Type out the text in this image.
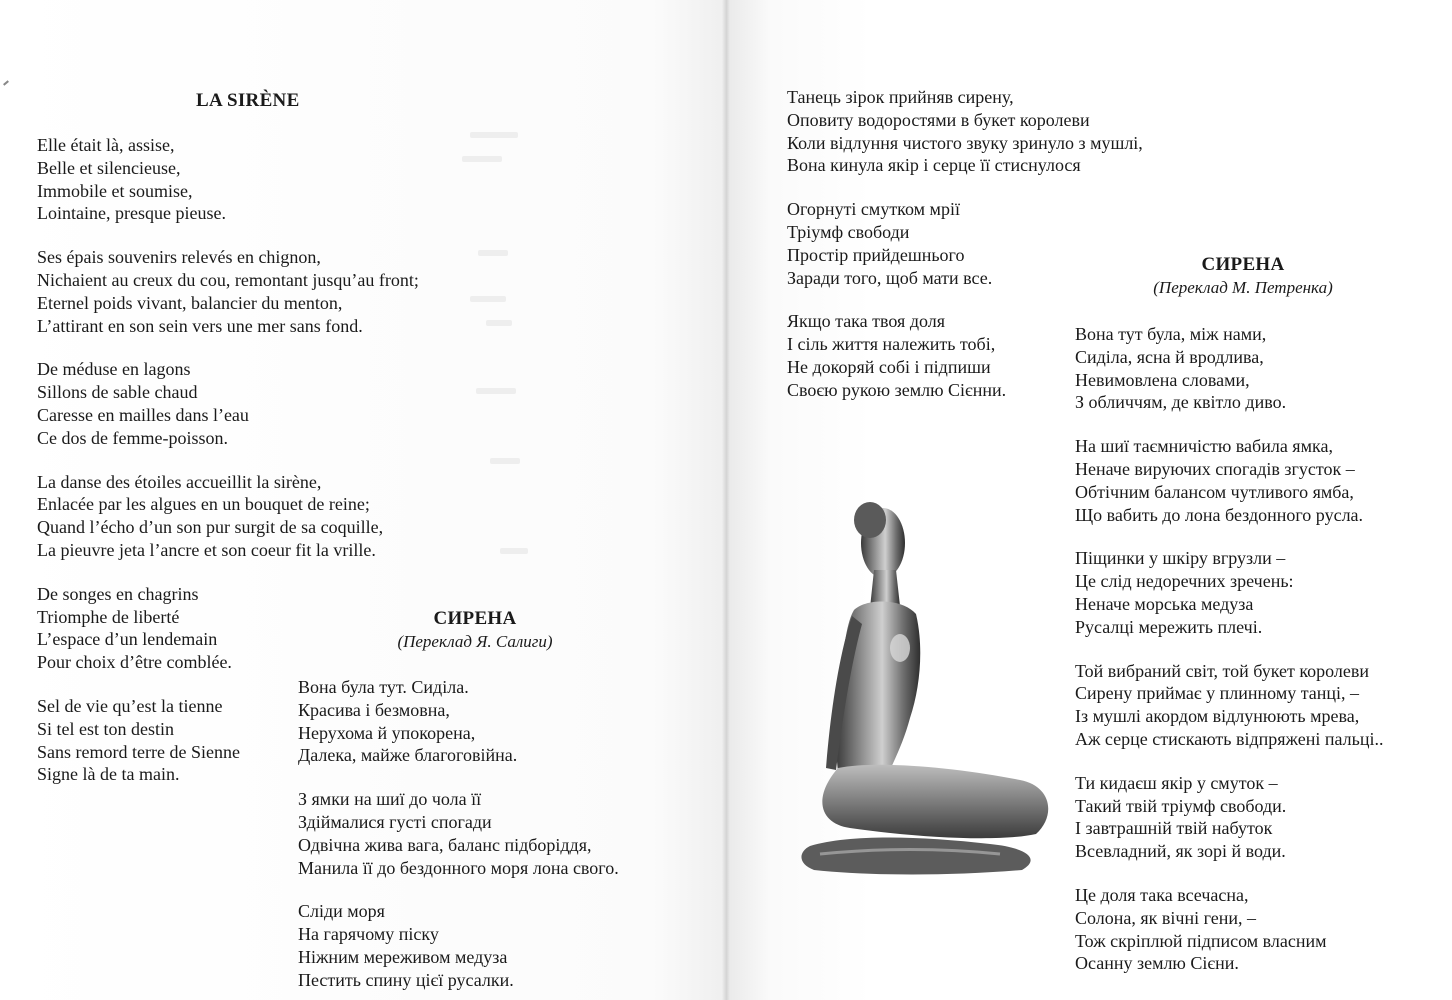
LA SIRÈNE
Elle était là, assise,
Belle et silencieuse,
Immobile et soumise,
Lointaine, presque pieuse.
Ses épais souvenirs relevés en chignon,
Nichaient au creux du cou, remontant jusqu’au front;
Eternel poids vivant, balancier du menton,
L’attirant en son sein vers une mer sans fond.
De méduse en lagons
Sillons de sable chaud
Caresse en mailles dans l’eau
Ce dos de femme-poisson.
La danse des étoiles accueillit la sirène,
Enlacée par les algues en un bouquet de reine;
Quand l’écho d’un son pur surgit de sa coquille,
La pieuvre jeta l’ancre et son coeur fit la vrille.
De songes en chagrins
Triomphe de liberté
L’espace d’un lendemain
Pour choix d’être comblée.
Sel de vie qu’est la tienne
Si tel est ton destin
Sans remord terre de Sienne
Signe là de ta main.
СИРЕНА
(Переклад Я. Салиги)
Вона була тут. Сиділа.
Красива і безмовна,
Нерухома й упокорена,
Далека, майже благоговійна.
З ямки на шиї до чола її
Здіймалися густі спогади
Одвічна жива вага, баланс підборіддя,
Манила її до бездонного моря лона свого.
Сліди моря
На гарячому піску
Ніжним мереживом медуза
Пестить спину цієї русалки.
Танець зірок прийняв сирену,
Оповиту водоростями в букет королеви
Коли відлуння чистого звуку зринуло з мушлі,
Вона кинула якір і серце її стиснулося
Огорнуті смутком мрії
Тріумф свободи
Простір прийдешнього
Заради того, щоб мати все.
Якщо така твоя доля
І сіль життя належить тобі,
Не докоряй собі і підпиши
Своєю рукою землю Сієнни.
СИРЕНА
(Переклад М. Петренка)
Вона тут була, між нами,
Сиділа, ясна й вродлива,
Невимовлена словами,
З обличчям, де квітло диво.
На шиї таємничістю вабила ямка,
Неначе вируючих спогадів згусток –
Обтічним балансом чутливого ямба,
Що вабить до лона бездонного русла.
Піщинки у шкіру вгрузли –
Це слід недоречних зречень:
Неначе морська медуза
Русалці мережить плечі.
Той вибраний світ, той букет королеви
Сирену приймає у плинному танці, –
Із мушлі акордом відлунюють мрева,
Аж серце стискають відпряжені пальці..
Ти кидаєш якір у смуток –
Такий твій тріумф свободи.
І завтрашній твій набуток
Всевладний, як зорі й води.
Це доля така всечасна,
Солона, як вічні гени, –
Тож скріплюй підписом власним
Осанну землю Сієни.
